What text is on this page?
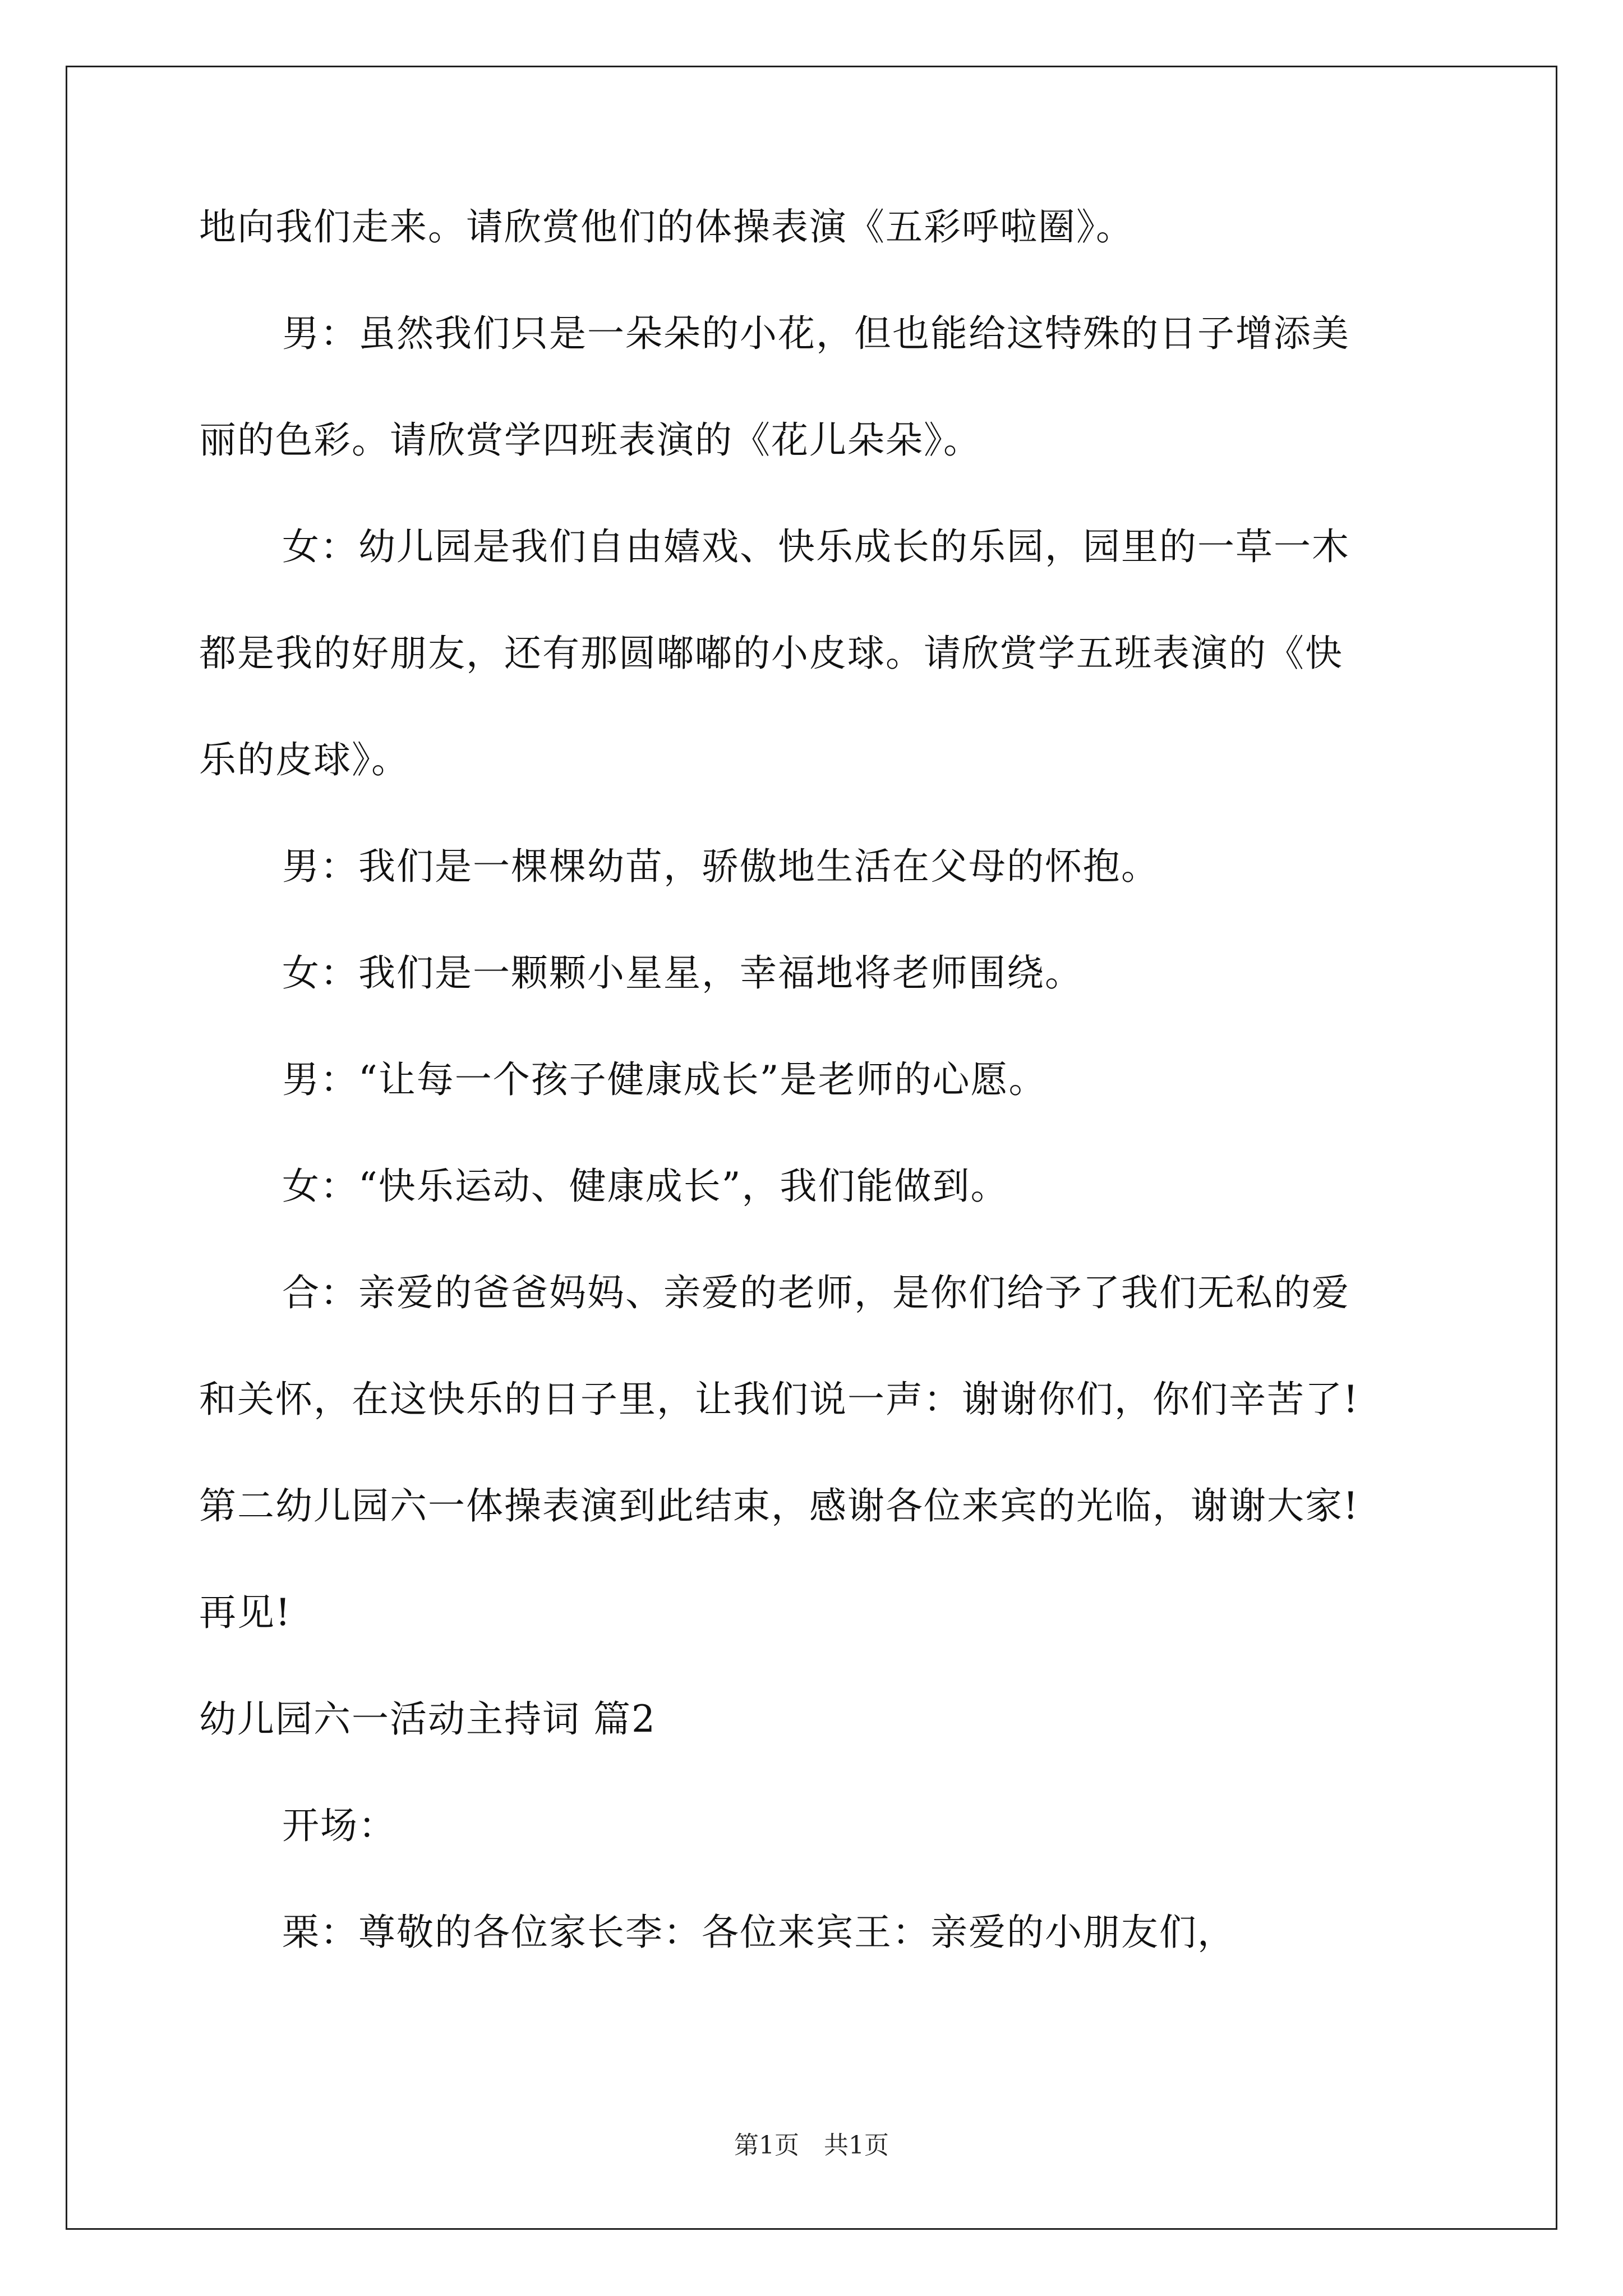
地向我们走来。请欣赏他们的体操表演《五彩呼啦圈》。
男：虽然我们只是一朵朵的小花，但也能给这特殊的日子增添美
丽的色彩。请欣赏学四班表演的《花儿朵朵》。
女：幼儿园是我们自由嬉戏、快乐成长的乐园，园里的一草一木
都是我的好朋友，还有那圆嘟嘟的小皮球。请欣赏学五班表演的《快
乐的皮球》。
男：我们是一棵棵幼苗，骄傲地生活在父母的怀抱。
女：我们是一颗颗小星星，幸福地将老师围绕。
男：“让每一个孩子健康成长”是老师的心愿。
女：“快乐运动、健康成长”，我们能做到。
合：亲爱的爸爸妈妈、亲爱的老师，是你们给予了我们无私的爱
和关怀，在这快乐的日子里，让我们说一声：谢谢你们，你们辛苦了!
第二幼儿园六一体操表演到此结束，感谢各位来宾的光临，谢谢大家!
再见!
幼儿园六一活动主持词 篇2
开场：
栗：尊敬的各位家长李：各位来宾王：亲爱的小朋友们，
第1页　共1页
